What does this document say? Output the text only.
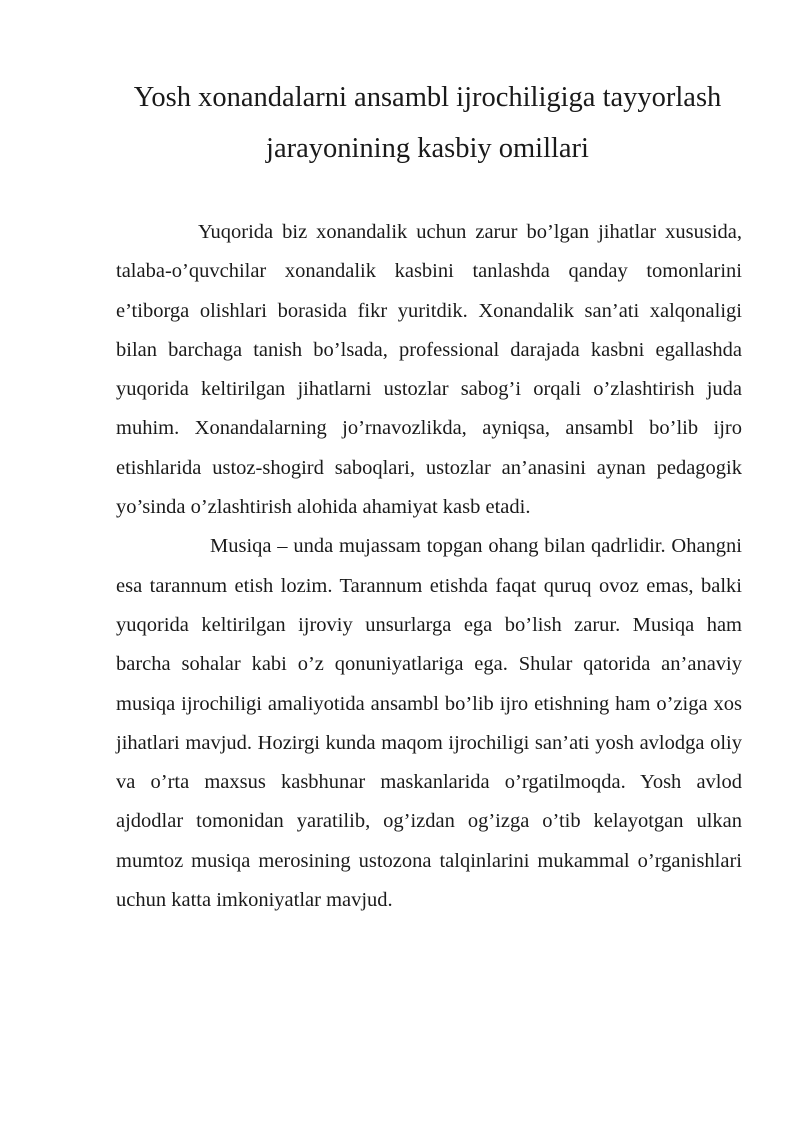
Yosh xonandalarni ansambl ijrochiligiga tayyorlash
jarayonining kasbiy omillari

Yuqorida biz xonandalik uchun zarur bo’lgan jihatlar xususida, talaba-o’quvchilar xonandalik kasbini tanlashda qanday tomonlarini e’tiborga olishlari borasida fikr yuritdik. Xonandalik san’ati xalqonaligi bilan barchaga tanish bo’lsada, professional darajada kasbni egallashda yuqorida keltirilgan jihatlarni ustozlar sabog’i orqali o’zlashtirish juda muhim. Xonandalarning jo’rnavozlikda, ayniqsa, ansambl bo’lib ijro etishlarida ustoz-shogird saboqlari, ustozlar an’anasini aynan pedagogik yo’sinda o’zlashtirish alohida ahamiyat kasb etadi.

Musiqa – unda mujassam topgan ohang bilan qadrlidir. Ohangni esa tarannum etish lozim. Tarannum etishda faqat quruq ovoz emas, balki yuqorida keltirilgan ijroviy unsurlarga ega bo’lish zarur. Musiqa ham barcha sohalar kabi o’z qonuniyatlariga ega. Shular qatorida an’anaviy musiqa ijrochiligi amaliyotida ansambl bo’lib ijro etishning ham o’ziga xos jihatlari mavjud. Hozirgi kunda maqom ijrochiligi san’ati yosh avlodga oliy va o’rta maxsus kasbhunar maskanlarida o’rgatilmoqda. Yosh avlod ajdodlar tomonidan yaratilib, og’izdan og’izga o’tib kelayotgan ulkan mumtoz musiqa merosining ustozona talqinlarini mukammal o’rganishlari uchun katta imkoniyatlar mavjud.
